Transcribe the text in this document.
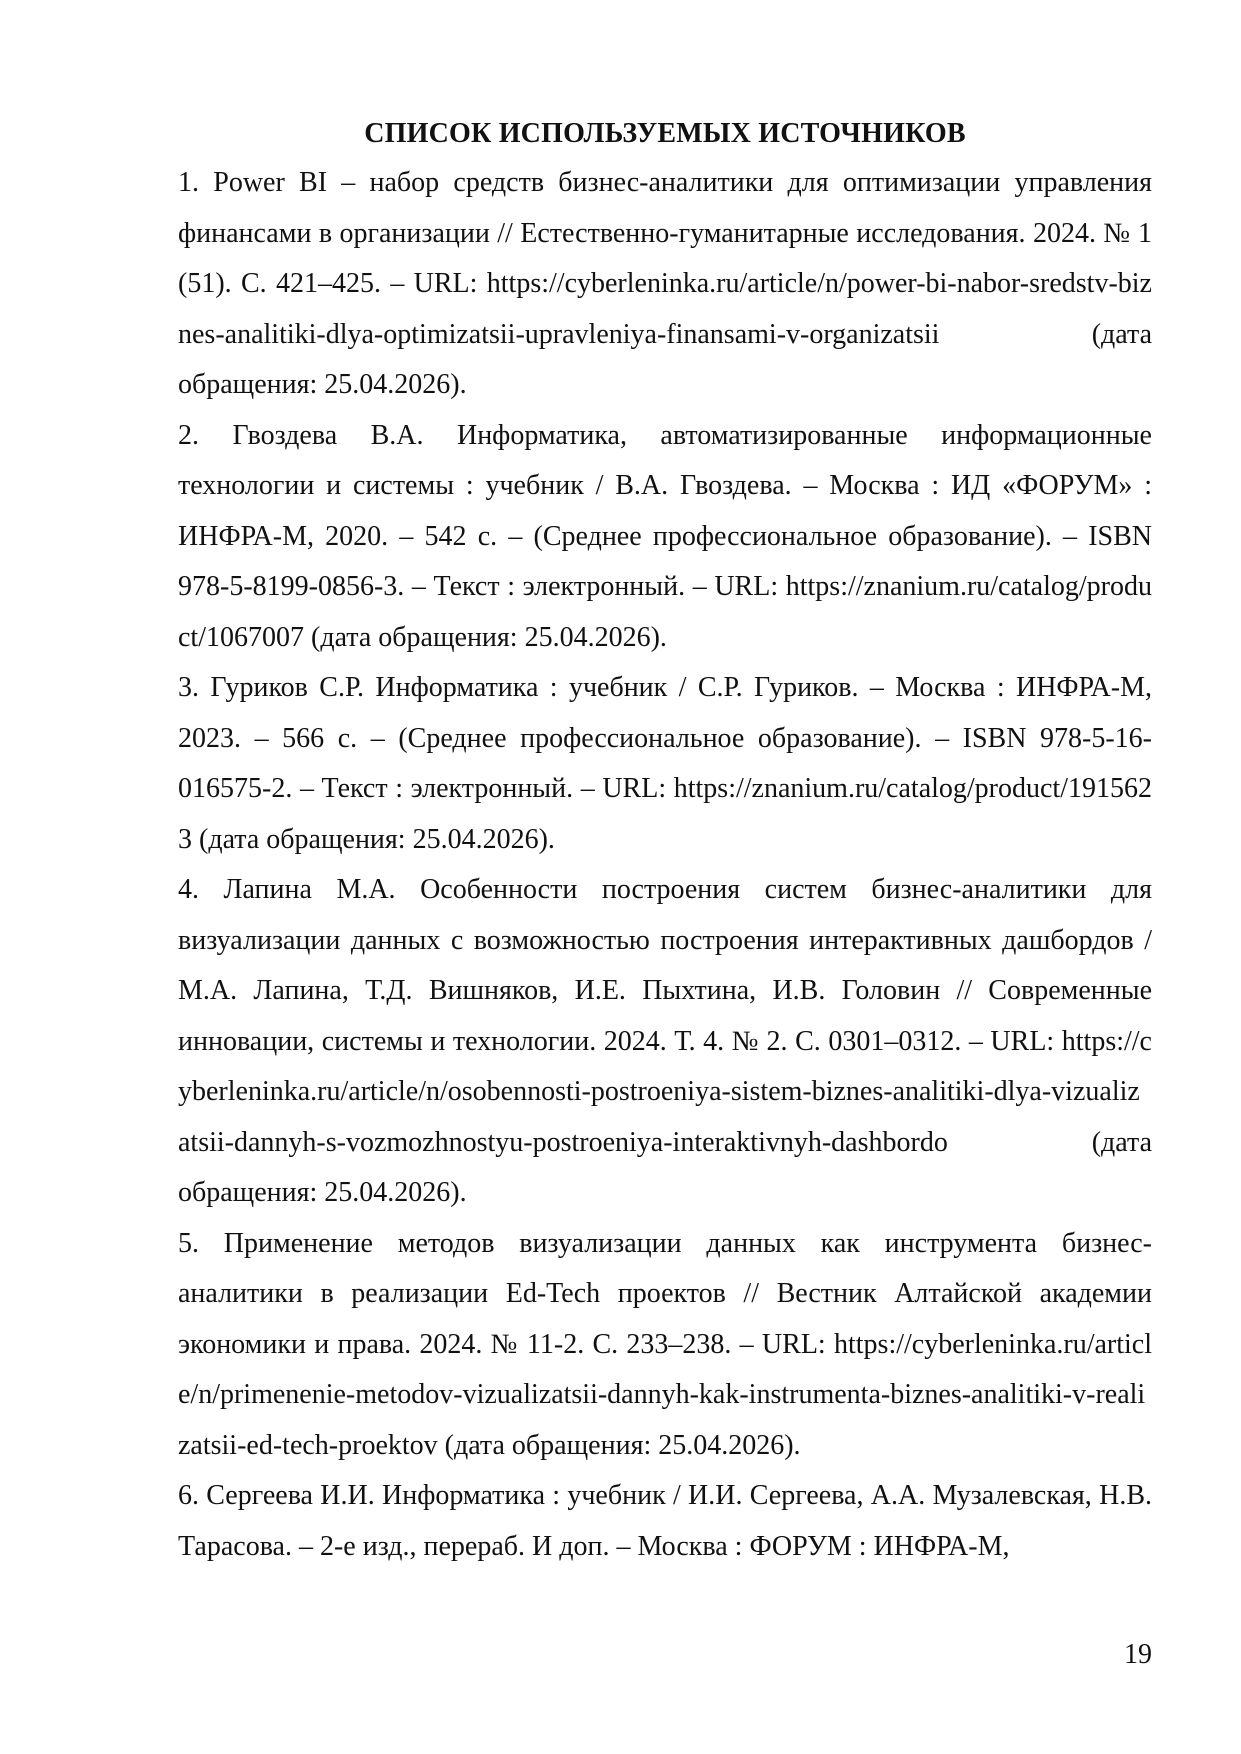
СПИСОК ИСПОЛЬЗУЕМЫХ ИСТОЧНИКОВ

1. Power BI – набор средств бизнес-аналитики для оптимизации управления финансами в организации // Естественно-гуманитарные исследования. 2024. № 1 (51). С. 421–425. – URL: https://cyberleninka.ru/article/n/power-bi-nabor-sredstv-biznes-analitiki-dlya-optimizatsii-upravleniya-finansami-v-organizatsii (дата обращения: 25.04.2026).

2. Гвоздева В.А. Информатика, автоматизированные информационные технологии и системы : учебник / В.А. Гвоздева. – Москва : ИД «ФОРУМ» : ИНФРА-М, 2020. – 542 с. – (Среднее профессиональное образование). – ISBN 978-5-8199-0856-3. – Текст : электронный. – URL: https://znanium.ru/catalog/product/1067007 (дата обращения: 25.04.2026).

3. Гуриков С.Р. Информатика : учебник / С.Р. Гуриков. – Москва : ИНФРА-М, 2023. – 566 с. – (Среднее профессиональное образование). – ISBN 978-5-16-016575-2. – Текст : электронный. – URL: https://znanium.ru/catalog/product/1915623 (дата обращения: 25.04.2026).

4. Лапина М.А. Особенности построения систем бизнес-аналитики для визуализации данных с возможностью построения интерактивных дашбордов / М.А. Лапина, Т.Д. Вишняков, И.Е. Пыхтина, И.В. Головин // Современные инновации, системы и технологии. 2024. Т. 4. № 2. С. 0301–0312. – URL: https://cyberleninka.ru/article/n/osobennosti-postroeniya-sistem-biznes-analitiki-dlya-vizualizatsii-dannyh-s-vozmozhnostyu-postroeniya-interaktivnyh-dashbordo (дата обращения: 25.04.2026).

5. Применение методов визуализации данных как инструмента бизнес-аналитики в реализации Ed-Tech проектов // Вестник Алтайской академии экономики и права. 2024. № 11-2. С. 233–238. – URL: https://cyberleninka.ru/article/n/primenenie-metodov-vizualizatsii-dannyh-kak-instrumenta-biznes-analitiki-v-realizatsii-ed-tech-proektov (дата обращения: 25.04.2026).

6. Сергеева И.И. Информатика : учебник / И.И. Сергеева, А.А. Музалевская, Н.В. Тарасова. – 2-е изд., перераб. И доп. – Москва : ФОРУМ : ИНФРА-М,

19
